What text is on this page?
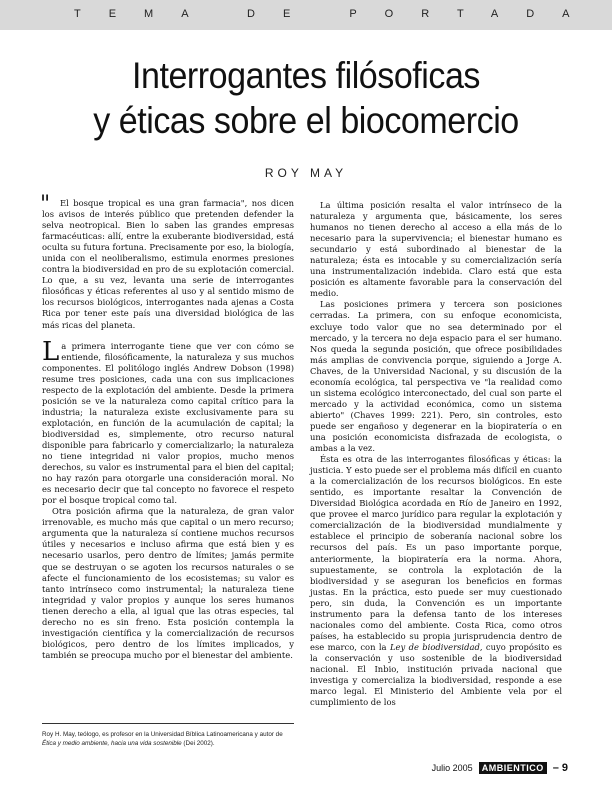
TEMA DE PORTADA
Interrogantes filósoficas
y éticas sobre el biocomercio
ROY MAY
"	El bosque tropical es una gran farmacia", nos dicen los avisos de interés público que pretenden defender la selva neotropical. Bien lo saben las grandes empresas farmacéuticas: allí, entre la exuberante biodiversidad, está oculta su futura fortuna. Precisamente por eso, la biología, unida con el neoliberalismo, estimula enormes presiones contra la biodiversidad en pro de su explotación comercial. Lo que, a su vez, levanta una serie de interrogantes filosóficas y éticas referentes al uso y al sentido mismo de los recursos biológicos, interrogantes nada ajenas a Costa Rica por tener este país una diversidad biológica de las más ricas del planeta.

La primera interrogante tiene que ver con cómo se entiende, filosóficamente, la naturaleza y sus muchos componentes. El politólogo inglés Andrew Dobson (1998) resume tres posiciones, cada una con sus implicaciones respecto de la explotación del ambiente. Desde la primera posición se ve la naturaleza como capital crítico para la industria; la naturaleza existe exclusivamente para su explotación, en función de la acumulación de capital; la biodiversidad es, simplemente, otro recurso natural disponible para fabricarlo y comercializarlo; la naturaleza no tiene integridad ni valor propios, mucho menos derechos, su valor es instrumental para el bien del capital; no hay razón para otorgarle una consideración moral. No es necesario decir que tal concepto no favorece el respeto por el bosque tropical como tal.

Otra posición afirma que la naturaleza, de gran valor irrenovable, es mucho más que capital o un mero recurso; argumenta que la naturaleza sí contiene muchos recursos útiles y necesarios e incluso afirma que está bien y es necesario usarlos, pero dentro de límites; jamás permite que se destruyan o se agoten los recursos naturales o se afecte el funcionamiento de los ecosistemas; su valor es tanto intrínseco como instrumental; la naturaleza tiene integridad y valor propios y aunque los seres humanos tienen derecho a ella, al igual que las otras especies, tal derecho no es sin freno. Esta posición contempla la investigación científica y la comercialización de recursos biológicos, pero dentro de los límites implicados, y también se preocupa mucho por el bienestar del ambiente.

La última posición resalta el valor intrínseco de la naturaleza y argumenta que, básicamente, los seres humanos no tienen derecho al acceso a ella más de lo necesario para la supervivencia; el bienestar humano es secundario y está subordinado al bienestar de la naturaleza; ésta es intocable y su comercialización sería una instrumentalización indebida. Claro está que esta posición es altamente favorable para la conservación del medio.

Las posiciones primera y tercera son posiciones cerradas. La primera, con su enfoque economicista, excluye todo valor que no sea determinado por el mercado, y la tercera no deja espacio para el ser humano. Nos queda la segunda posición, que ofrece posibilidades más amplias de convivencia porque, siguiendo a Jorge A. Chaves, de la Universidad Nacional, y su discusión de la economía ecológica, tal perspectiva ve "la realidad como un sistema ecológico interconectado, del cual son parte el mercado y la actividad económica, como un sistema abierto" (Chaves 1999: 221). Pero, sin controles, esto puede ser engañoso y degenerar en la biopiratería o en una posición economicista disfrazada de ecologista, o ambas a la vez.

Ésta es otra de las interrogantes filosóficas y éticas: la justicia. Y esto puede ser el problema más difícil en cuanto a la comercialización de los recursos biológicos. En este sentido, es importante resaltar la Convención de Diversidad Biológica acordada en Río de Janeiro en 1992, que provee el marco jurídico para regular la explotación y comercialización de la biodiversidad mundialmente y establece el principio de soberanía nacional sobre los recursos del país. Es un paso importante porque, anteriormente, la biopiratería era la norma. Ahora, supuestamente, se controla la explotación de la biodiversidad y se aseguran los beneficios en formas justas. En la práctica, esto puede ser muy cuestionado pero, sin duda, la Convención es un importante instrumento para la defensa tanto de los intereses nacionales como del ambiente. Costa Rica, como otros países, ha establecido su propia jurisprudencia dentro de ese marco, con la Ley de biodiversidad, cuyo propósito es la conservación y uso sostenible de la biodiversidad nacional. El Inbio, institución privada nacional que investiga y comercializa la biodiversidad, responde a ese marco legal. El Ministerio del Ambiente vela por el cumplimiento de los

Roy H. May, teólogo, es profesor en la Universidad Bíblica Latinoamericana y autor de Ética y medio ambiente, hacia una vida sostenible (Dei 2002).
Julio 2005	AMBIENTICO – 9
